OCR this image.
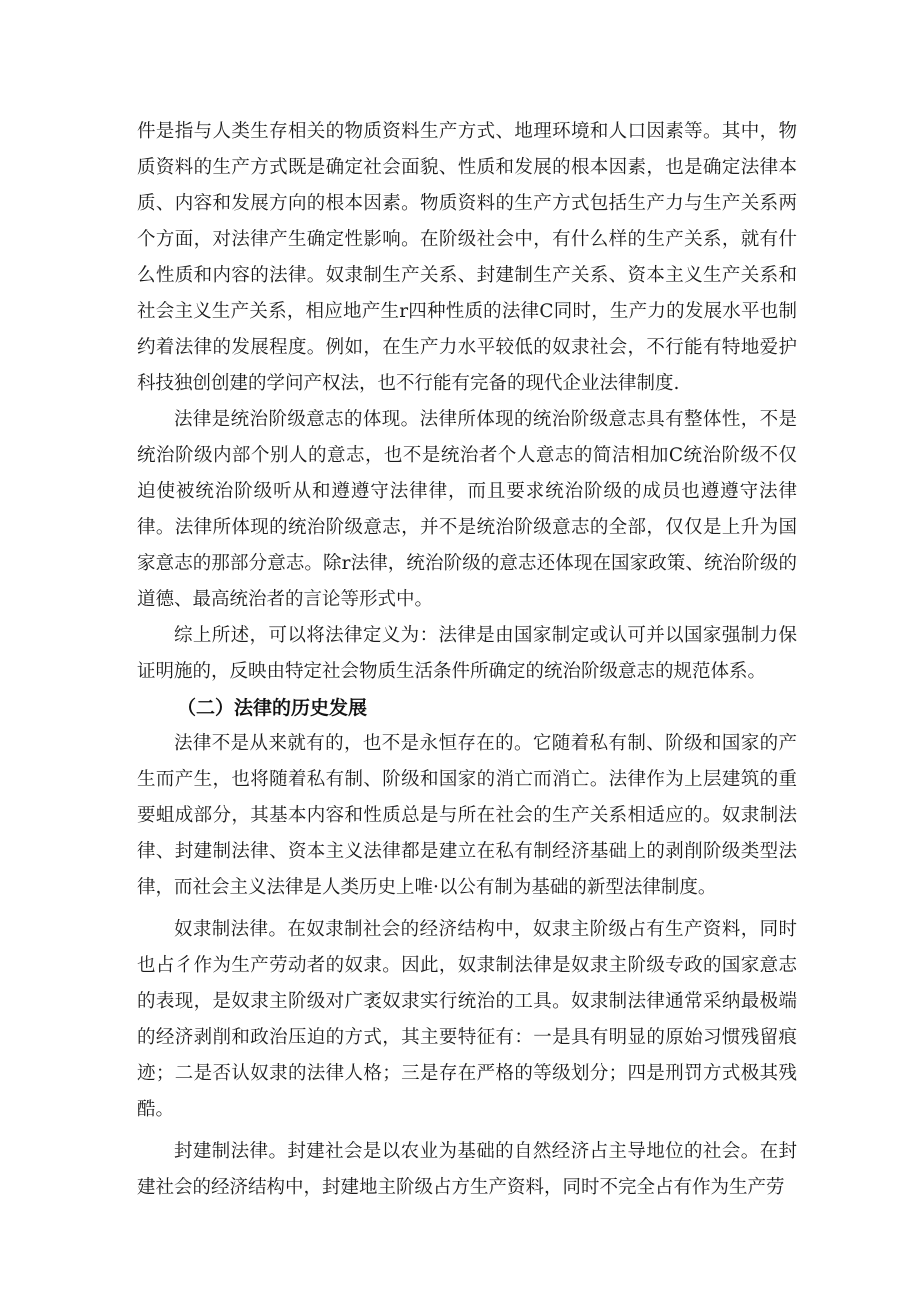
件是指与人类生存相关的物质资料生产方式、地理环境和人口因素等。其中，物质资料的生产方式既是确定社会面貌、性质和发展的根本因素，也是确定法律本质、内容和发展方向的根本因素。物质资料的生产方式包括生产力与生产关系两个方面，对法律产生确定性影响。在阶级社会中，有什么样的生产关系，就有什么性质和内容的法律。奴隶制生产关系、封建制生产关系、资本主义生产关系和社会主义生产关系，相应地产生r四种性质的法律C同时，生产力的发展水平也制约着法律的发展程度。例如，在生产力水平较低的奴隶社会，不行能有特地爱护科技独创创建的学问产权法，也不行能有完备的现代企业法律制度.

法律是统治阶级意志的体现。法律所体现的统治阶级意志具有整体性，不是统治阶级内部个别人的意志，也不是统治者个人意志的简洁相加C统治阶级不仅迫使被统治阶级听从和遵遵守法律律，而且要求统治阶级的成员也遵遵守法律律。法律所体现的统治阶级意志，并不是统治阶级意志的全部，仅仅是上升为国家意志的那部分意志。除r法律，统治阶级的意志还体现在国家政策、统治阶级的道德、最高统治者的言论等形式中。

综上所述，可以将法律定义为：法律是由国家制定或认可并以国家强制力保证明施的，反映由特定社会物质生活条件所确定的统治阶级意志的规范体系。

（二）法律的历史发展

法律不是从来就有的，也不是永恒存在的。它随着私有制、阶级和国家的产生而产生，也将随着私有制、阶级和国家的消亡而消亡。法律作为上层建筑的重要蛆成部分，其基本内容和性质总是与所在社会的生产关系相适应的。奴隶制法律、封建制法律、资本主义法律都是建立在私有制经济基础上的剥削阶级类型法律，而社会主义法律是人类历史上唯·以公有制为基础的新型法律制度。

奴隶制法律。在奴隶制社会的经济结构中，奴隶主阶级占有生产资料，同时也占彳作为生产劳动者的奴隶。因此，奴隶制法律是奴隶主阶级专政的国家意志的表现，是奴隶主阶级对广袤奴隶实行统治的工具。奴隶制法律通常采纳最极端的经济剥削和政治压迫的方式，其主要特征有：一是具有明显的原始习惯残留痕迹；二是否认奴隶的法律人格；三是存在严格的等级划分；四是刑罚方式极其残酷。

封建制法律。封建社会是以农业为基础的自然经济占主导地位的社会。在封建社会的经济结构中，封建地主阶级占方生产资料，同时不完全占有作为生产劳
